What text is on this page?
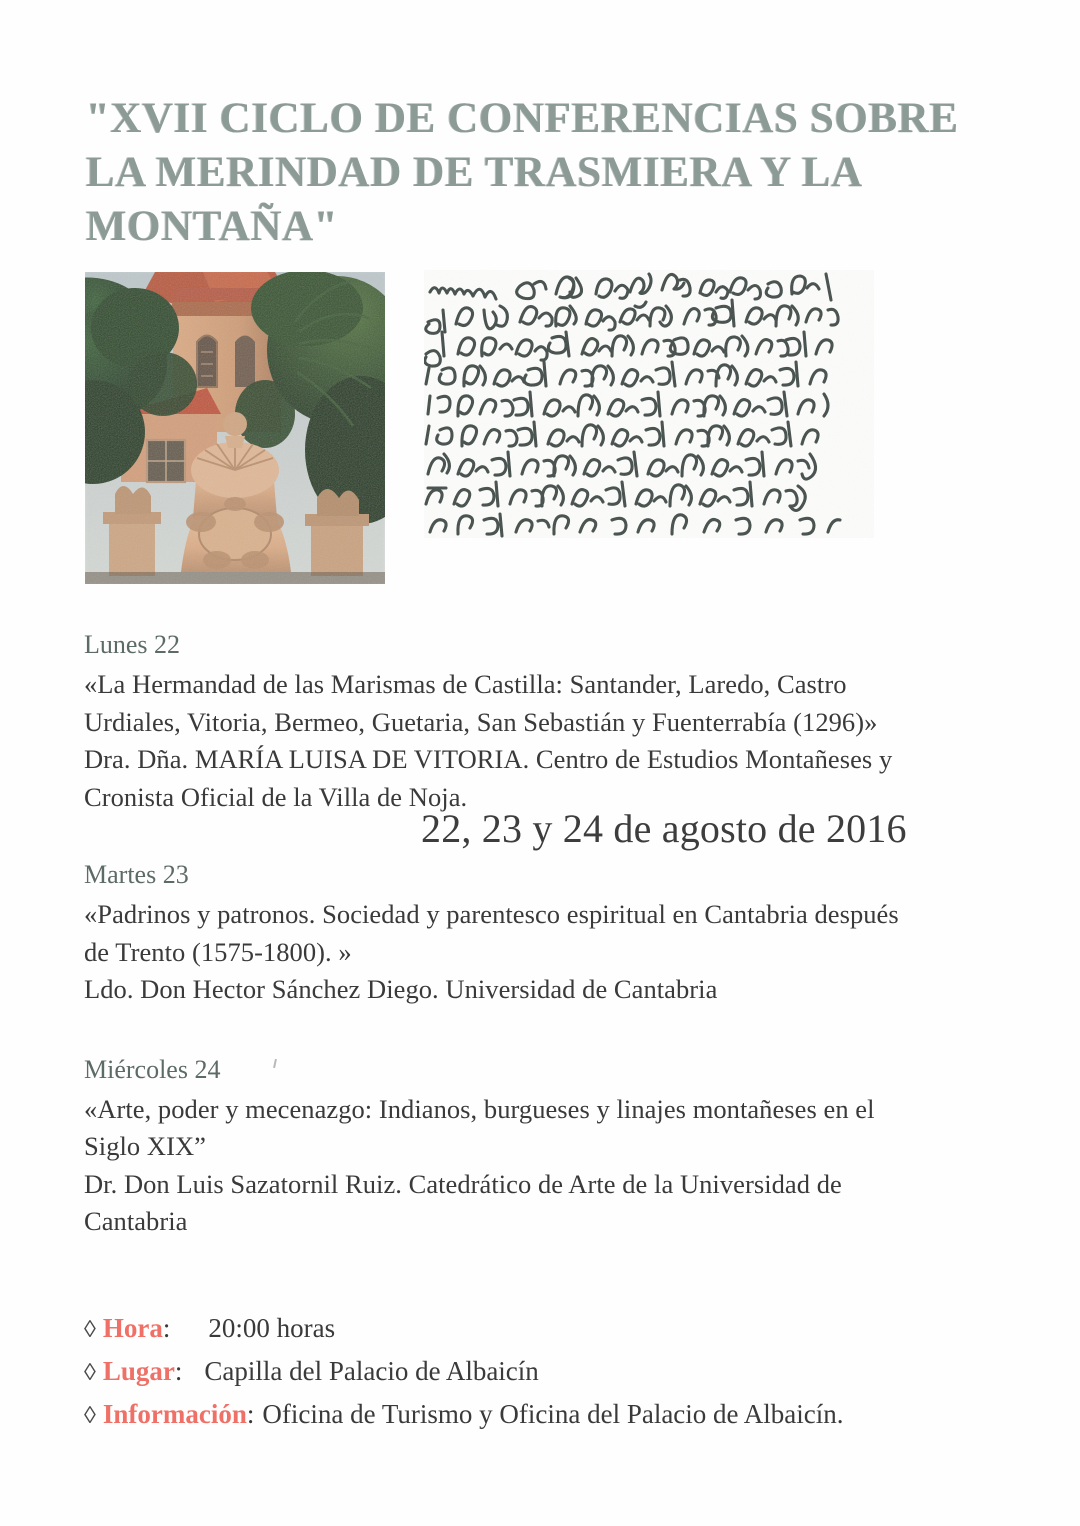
"XVII CICLO DE CONFERENCIAS SOBRE
LA MERINDAD DE TRASMIERA Y LA
MONTAÑA"
22, 23 y 24 de agosto de 2016
Lunes 22
«La Hermandad de las Marismas de Castilla: Santander, Laredo, Castro
Urdiales, Vitoria, Bermeo, Guetaria, San Sebastián y Fuenterrabía (1296)»
Dra. Dña. MARÍA LUISA DE VITORIA. Centro de Estudios Montañeses y
Cronista Oficial de la Villa de Noja.
Martes 23
«Padrinos y patronos. Sociedad y parentesco espiritual en Cantabria después
de Trento (1575-1800). »
Ldo. Don Hector Sánchez Diego. Universidad de Cantabria
Miércoles 24
«Arte, poder y mecenazgo: Indianos, burgueses y linajes montañeses en el
Siglo XIX”
Dr. Don Luis Sazatornil Ruiz. Catedrático de Arte de la Universidad de
Cantabria
◊ Hora: 20:00 horas
◊ Lugar: Capilla del Palacio de Albaicín
◊ Información: Oficina de Turismo y Oficina del Palacio de Albaicín.
